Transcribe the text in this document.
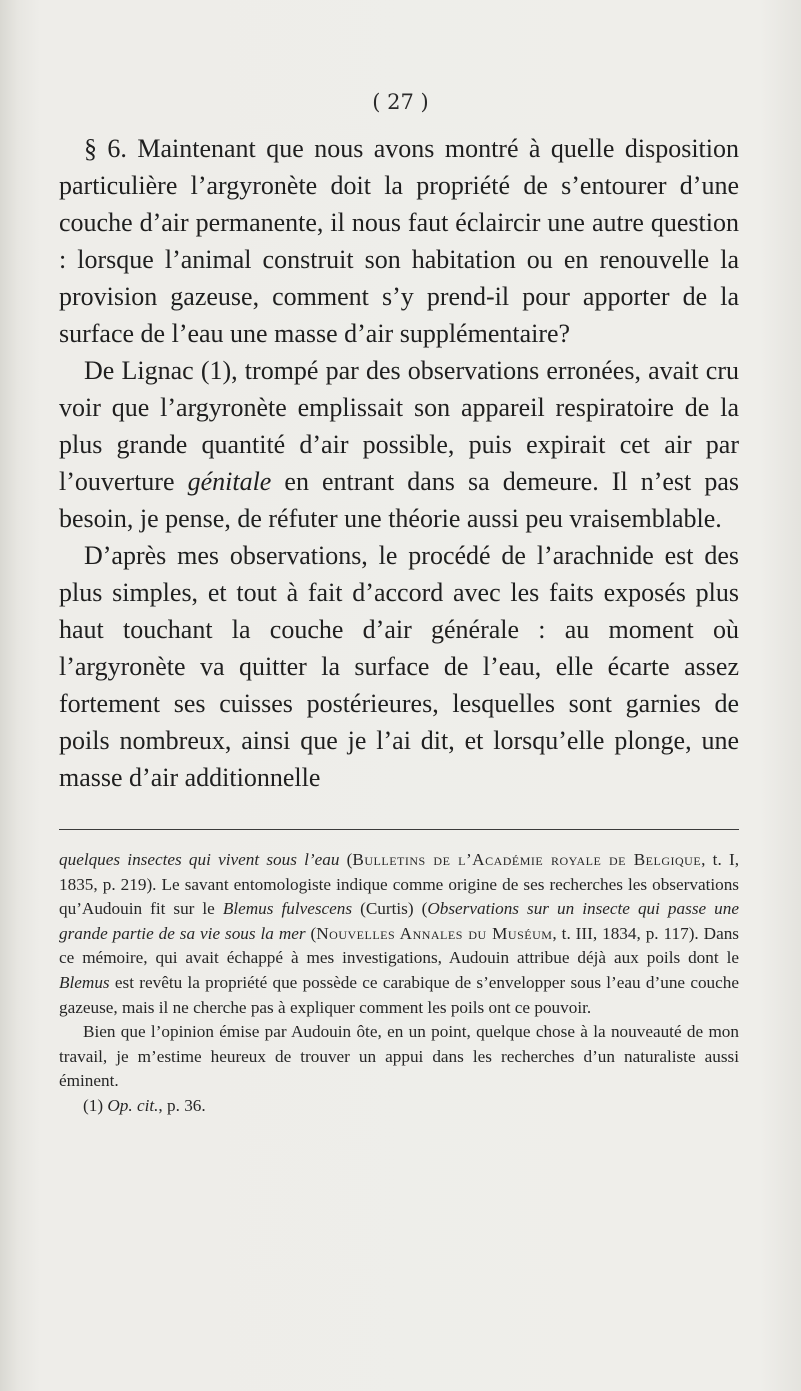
( 27 )

§ 6. Maintenant que nous avons montré à quelle disposition particulière l’argyronète doit la propriété de s’entourer d’une couche d’air permanente, il nous faut éclaircir une autre question : lorsque l’animal construit son habitation ou en renouvelle la provision gazeuse, comment s’y prend-il pour apporter de la surface de l’eau une masse d’air supplémentaire?

De Lignac (1), trompé par des observations erronées, avait cru voir que l’argyronète emplissait son appareil respiratoire de la plus grande quantité d’air possible, puis expirait cet air par l’ouverture génitale en entrant dans sa demeure. Il n’est pas besoin, je pense, de réfuter une théorie aussi peu vraisemblable.

D’après mes observations, le procédé de l’arachnide est des plus simples, et tout à fait d’accord avec les faits exposés plus haut touchant la couche d’air générale : au moment où l’argyronète va quitter la surface de l’eau, elle écarte assez fortement ses cuisses postérieures, lesquelles sont garnies de poils nombreux, ainsi que je l’ai dit, et lorsqu’elle plonge, une masse d’air additionnelle

quelques insectes qui vivent sous l’eau (Bulletins de l’Académie royale de Belgique, t. I, 1835, p. 219). Le savant entomologiste indique comme origine de ses recherches les observations qu’Audouin fit sur le Blemus fulvescens (Curtis) (Observations sur un insecte qui passe une grande partie de sa vie sous la mer (Nouvelles Annales du Muséum, t. III, 1834, p. 117). Dans ce mémoire, qui avait échappé à mes investigations, Audouin attribue déjà aux poils dont le Blemus est revêtu la propriété que possède ce carabique de s’envelopper sous l’eau d’une couche gazeuse, mais il ne cherche pas à expliquer comment les poils ont ce pouvoir.

Bien que l’opinion émise par Audouin ôte, en un point, quelque chose à la nouveauté de mon travail, je m’estime heureux de trouver un appui dans les recherches d’un naturaliste aussi éminent.

(1) Op. cit., p. 36.
